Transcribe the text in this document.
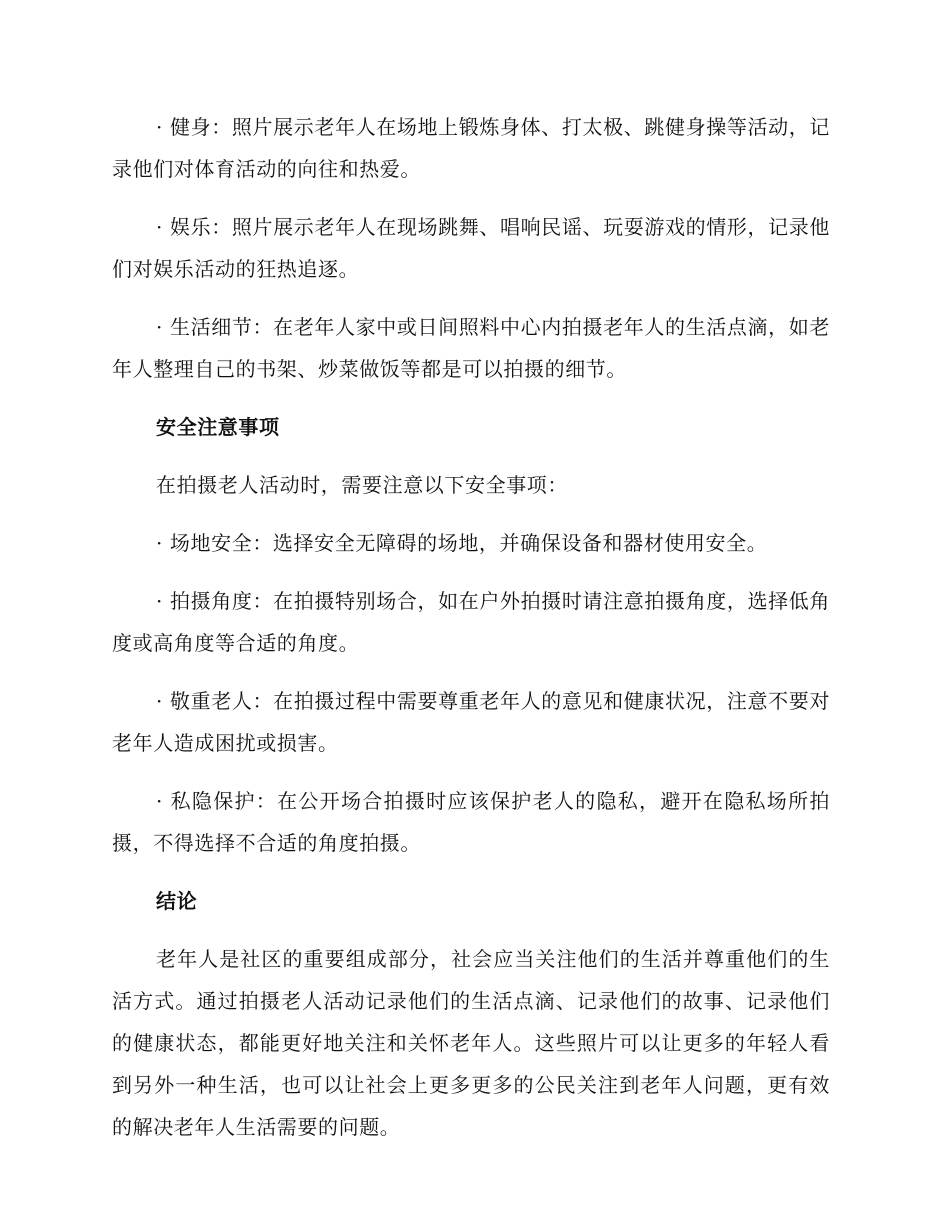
· 健身：照片展示老年人在场地上锻炼身体、打太极、跳健身操等活动，记录他们对体育活动的向往和热爱。

· 娱乐：照片展示老年人在现场跳舞、唱响民谣、玩耍游戏的情形，记录他们对娱乐活动的狂热追逐。

· 生活细节：在老年人家中或日间照料中心内拍摄老年人的生活点滴，如老年人整理自己的书架、炒菜做饭等都是可以拍摄的细节。

安全注意事项

在拍摄老人活动时，需要注意以下安全事项：

· 场地安全：选择安全无障碍的场地，并确保设备和器材使用安全。

· 拍摄角度：在拍摄特别场合，如在户外拍摄时请注意拍摄角度，选择低角度或高角度等合适的角度。

· 敬重老人：在拍摄过程中需要尊重老年人的意见和健康状况，注意不要对老年人造成困扰或损害。

· 私隐保护：在公开场合拍摄时应该保护老人的隐私，避开在隐私场所拍摄，不得选择不合适的角度拍摄。

结论

老年人是社区的重要组成部分，社会应当关注他们的生活并尊重他们的生活方式。通过拍摄老人活动记录他们的生活点滴、记录他们的故事、记录他们的健康状态，都能更好地关注和关怀老年人。这些照片可以让更多的年轻人看到另外一种生活，也可以让社会上更多更多的公民关注到老年人问题，更有效的解决老年人生活需要的问题。
